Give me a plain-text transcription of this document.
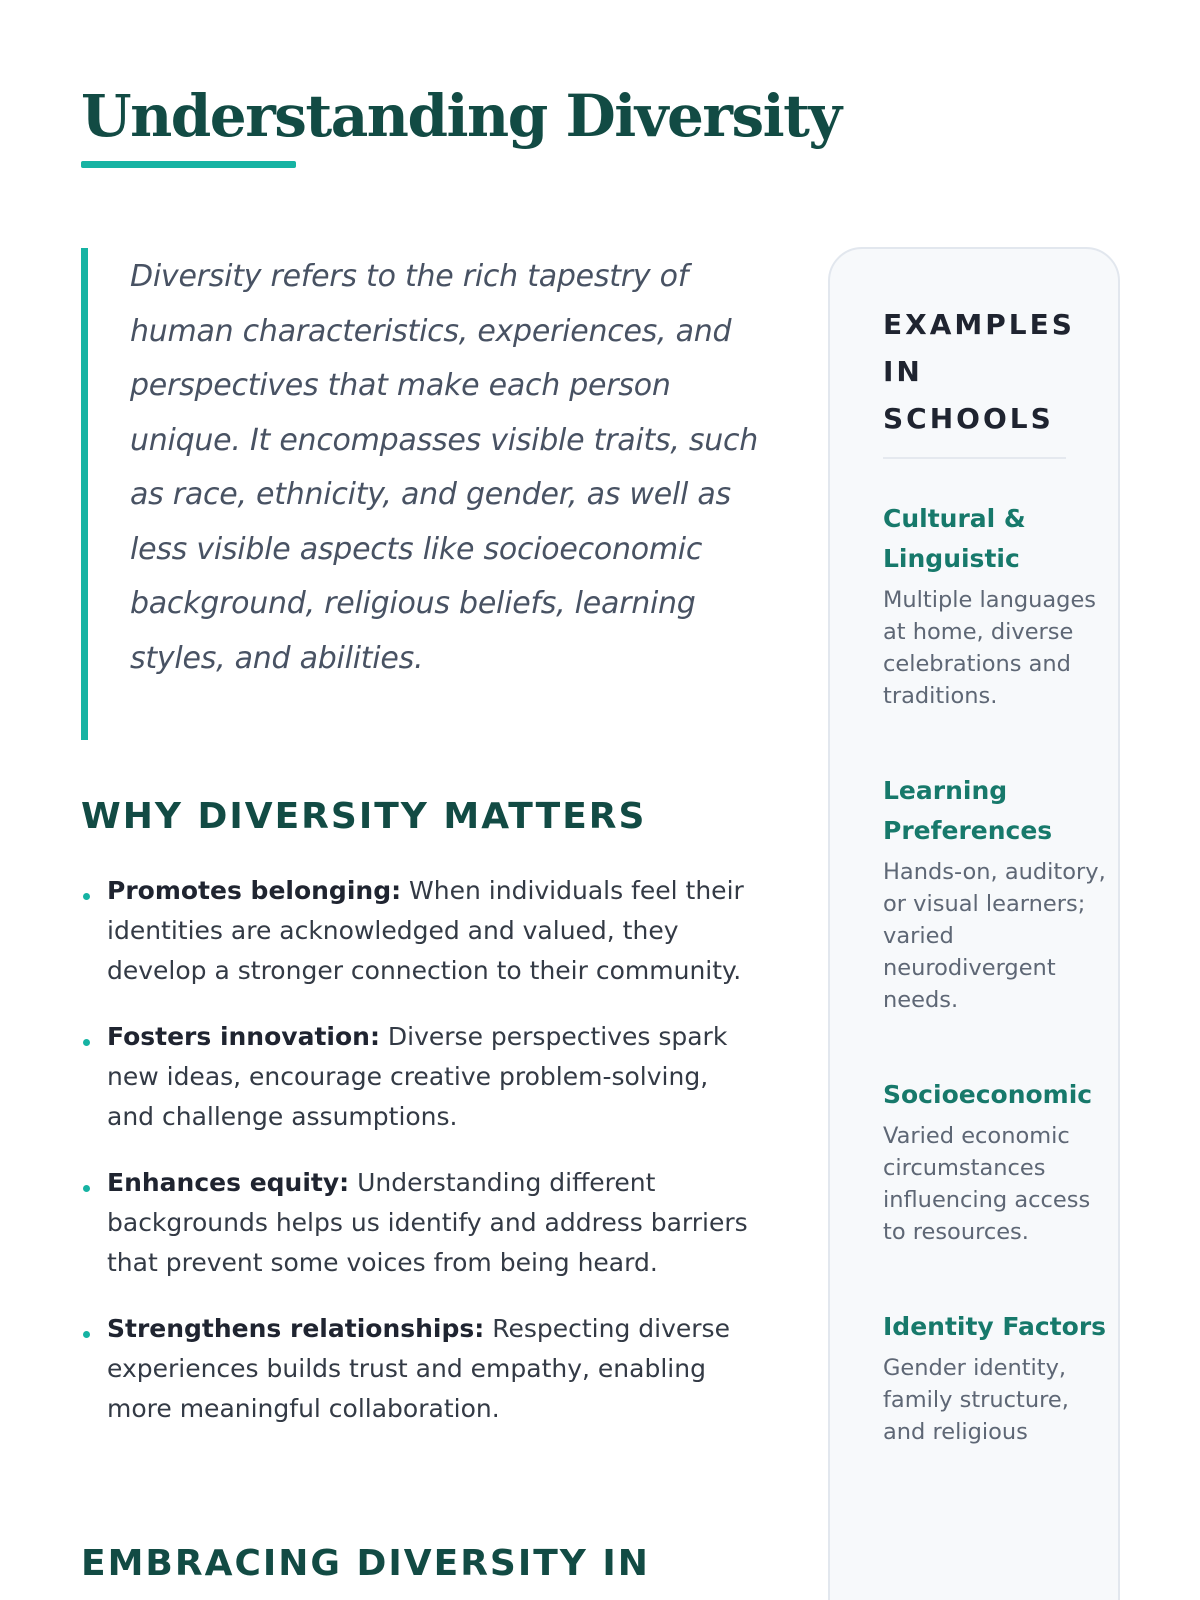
Understanding Diversity

Diversity refers to the rich tapestry of human characteristics, experiences, and perspectives that make each person unique. It encompasses visible traits, such as race, ethnicity, and gender, as well as less visible aspects like socioeconomic background, religious beliefs, learning styles, and abilities.

WHY DIVERSITY MATTERS
Promotes belonging: When individuals feel their identities are acknowledged and valued, they develop a stronger connection to their community.
Fosters innovation: Diverse perspectives spark new ideas, encourage creative problem-solving, and challenge assumptions.
Enhances equity: Understanding different backgrounds helps us identify and address barriers that prevent some voices from being heard.
Strengthens relationships: Respecting diverse experiences builds trust and empathy, enabling more meaningful collaboration.
EMBRACING DIVERSITY IN
EXAMPLES IN SCHOOLS
Cultural & Linguistic

Multiple languages at home, diverse celebrations and traditions.

Learning Preferences

Hands-on, auditory, or visual learners; varied neurodivergent needs.

Socioeconomic

Varied economic circumstances influencing access to resources.

Identity Factors

Gender identity, family structure, and religious
